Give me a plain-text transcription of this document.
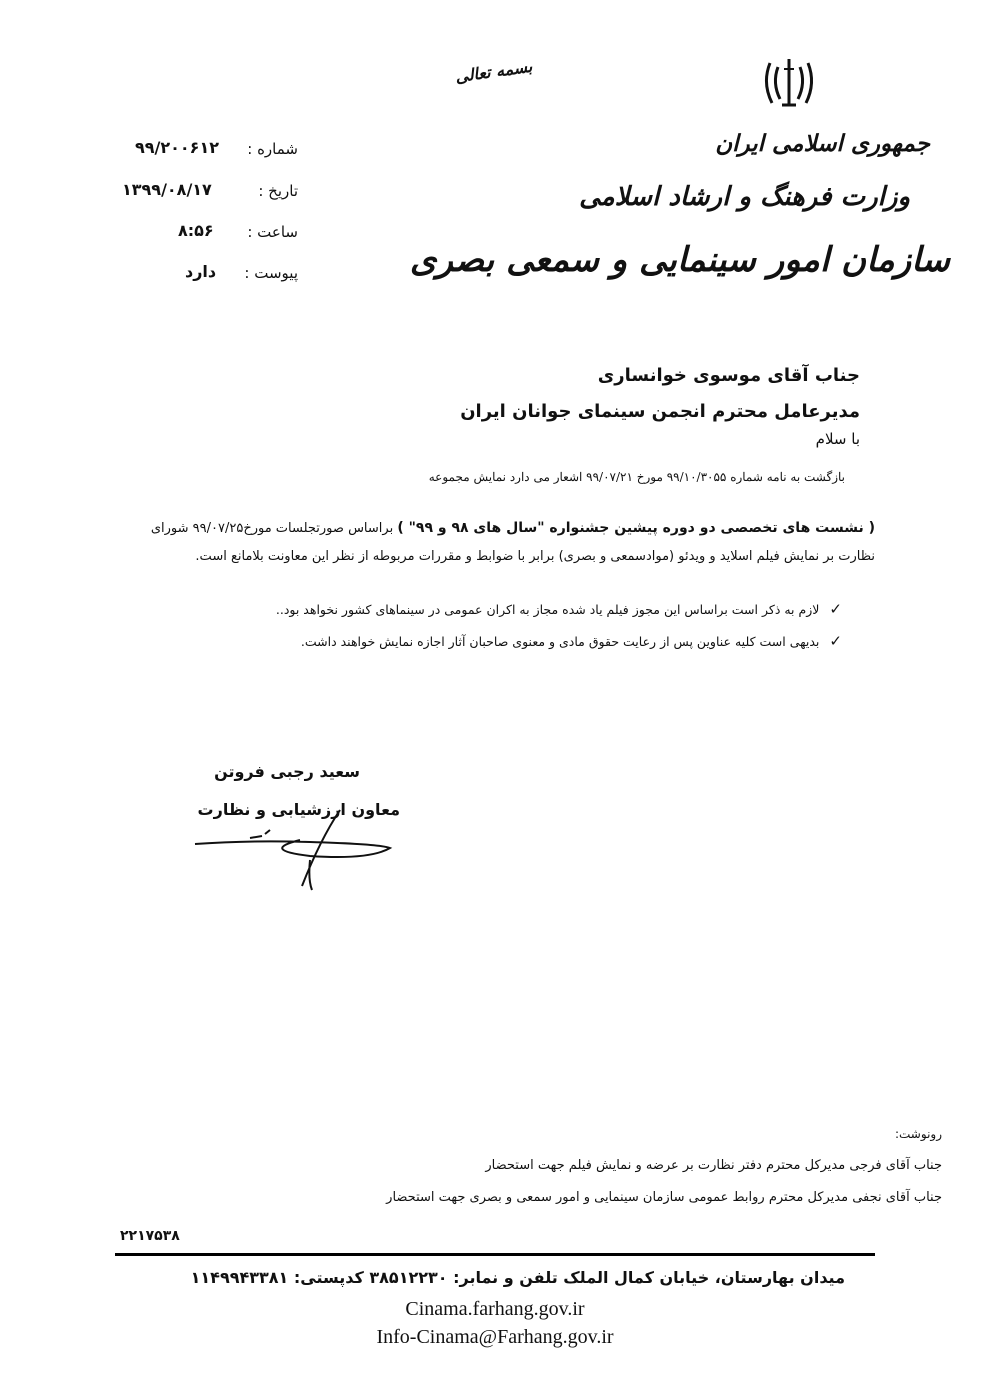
بسمه تعالی
جمهوری اسلامی ایران
وزارت فرهنگ و ارشاد اسلامی
سازمان امور سینمایی و سمعی بصری
شماره :
۹۹/۲۰۰۶۱۲
تاریخ :
۱۳۹۹/۰۸/۱۷
ساعت :
۸:۵۶
پیوست :
دارد
جناب آقای موسوی خوانساری
مدیرعامل محترم انجمن سینمای جوانان ایران
با سلام
بازگشت به نامه شماره ۹۹/۱۰/۳۰۵۵ مورخ ۹۹/۰۷/۲۱ اشعار می دارد نمایش مجموعه
( نشست های تخصصی دو دوره پیشین جشنواره "سال های ۹۸ و ۹۹" ) براساس صورتجلسات مورخ۹۹/۰۷/۲۵ شورای نظارت بر نمایش فیلم اسلاید و ویدئو (موادسمعی و بصری) برابر با ضوابط و مقررات مربوطه از نظر این معاونت بلامانع است.
✓
لازم به ذکر است براساس این مجوز فیلم یاد شده مجاز به اکران عمومی در سینماهای کشور نخواهد بود..
✓
بدیهی است کلیه عناوین پس از رعایت حقوق مادی و معنوی صاحبان آثار اجازه نمایش خواهند داشت.
سعید رجبی فروتن
معاون ارزشیابی و نظارت
رونوشت:
جناب آقای فرجی مدیرکل محترم دفتر نظارت بر عرضه و نمایش فیلم جهت استحضار
جناب آقای نجفی مدیرکل محترم روابط عمومی سازمان سینمایی و امور سمعی و بصری جهت استحضار
۲۲۱۷۵۳۸
میدان بهارستان، خیابان کمال الملک تلفن و نمابر: ۳۸۵۱۲۲۳۰ کدپستی: ۱۱۴۹۹۴۳۳۸۱
Cinama.farhang.gov.ir
Info-Cinama@Farhang.gov.ir
